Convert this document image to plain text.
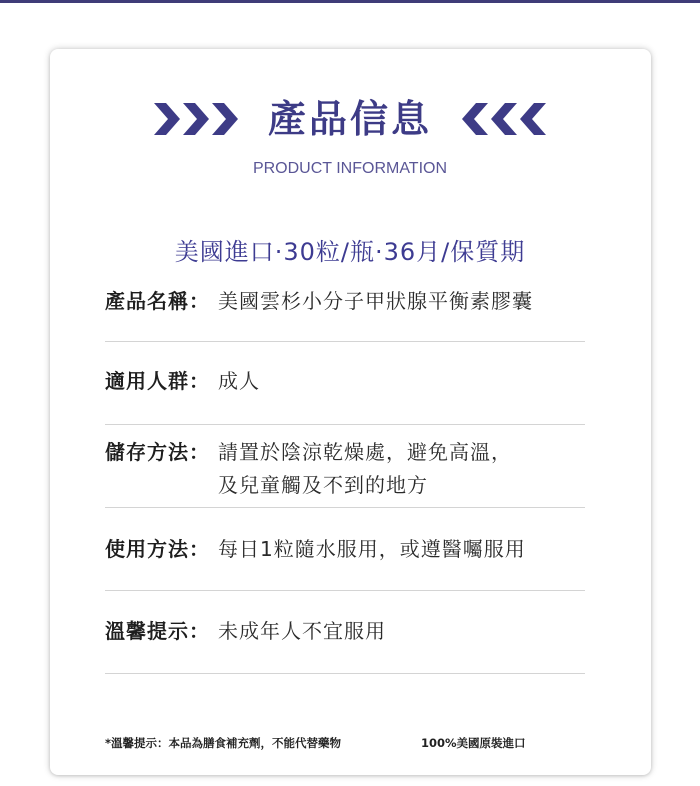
產品信息
PRODUCT INFORMATION
美國進口·30粒/瓶·36月/保質期
產品名稱： 美國雲杉小分子甲狀腺平衡素膠囊
適用人群： 成人
儲存方法： 請置於陰涼乾燥處，避免高溫，
及兒童觸及不到的地方
使用方法： 每日1粒隨水服用，或遵醫囑服用
溫馨提示： 未成年人不宜服用
*溫馨提示：本品為膳食補充劑，不能代替藥物	100%美國原裝進口
